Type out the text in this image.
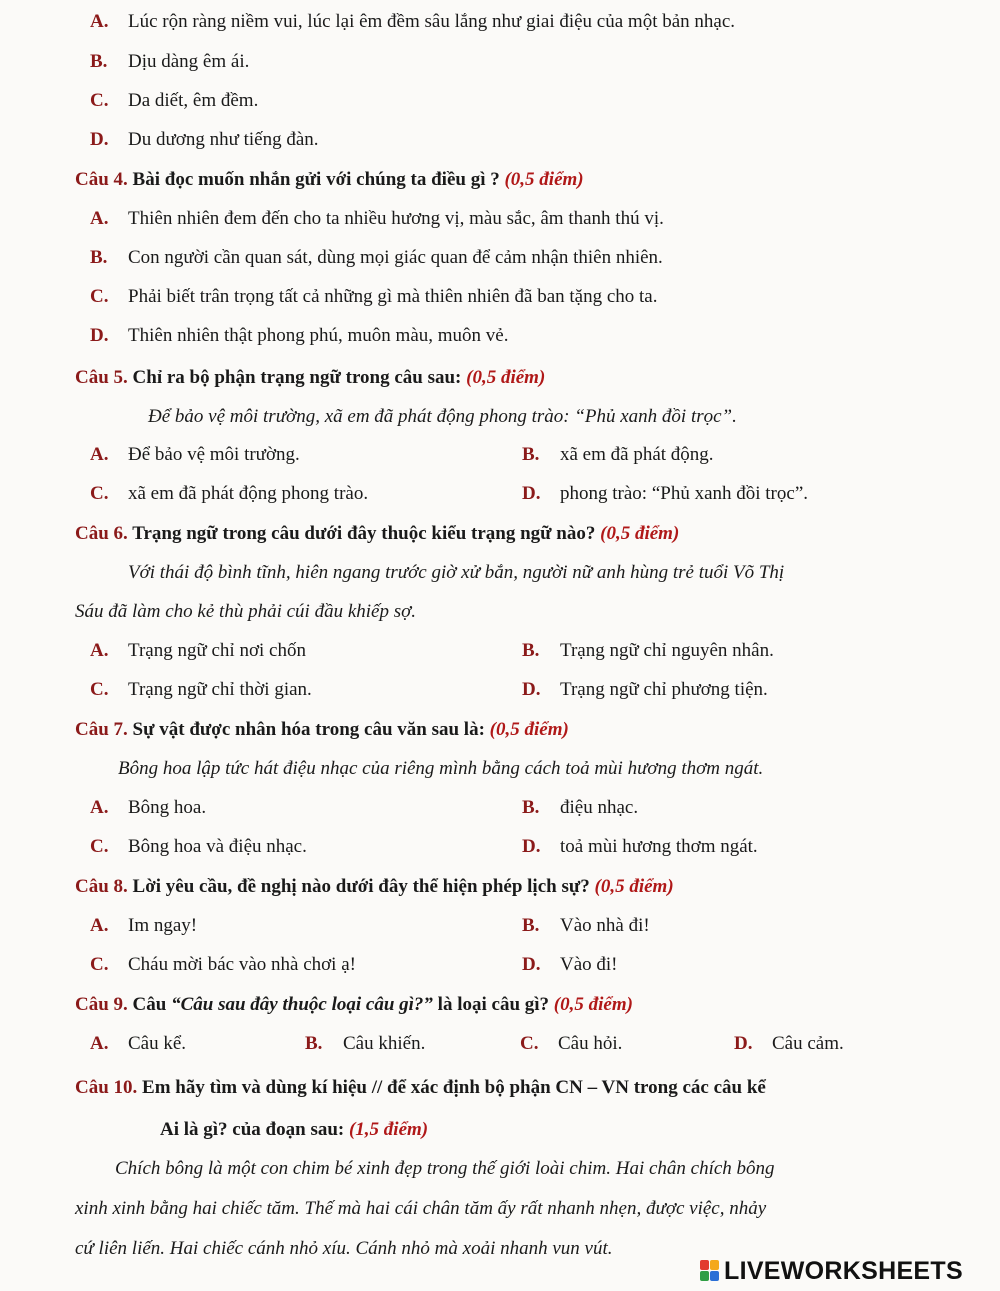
A. Lúc rộn ràng niềm vui, lúc lại êm đềm sâu lắng như giai điệu của một bản nhạc.
B. Dịu dàng êm ái.
C. Da diết, êm đềm.
D. Du dương như tiếng đàn.
Câu 4. Bài đọc muốn nhắn gửi với chúng ta điều gì ? (0,5 điểm)
A. Thiên nhiên đem đến cho ta nhiều hương vị, màu sắc, âm thanh thú vị.
B. Con người cần quan sát, dùng mọi giác quan để cảm nhận thiên nhiên.
C. Phải biết trân trọng tất cả những gì mà thiên nhiên đã ban tặng cho ta.
D. Thiên nhiên thật phong phú, muôn màu, muôn vẻ.
Câu 5. Chỉ ra bộ phận trạng ngữ trong câu sau: (0,5 điểm)
Để bảo vệ môi trường, xã em đã phát động phong trào: “Phủ xanh đồi trọc”.
A. Để bảo vệ môi trường.	B. xã em đã phát động.
C. xã em đã phát động phong trào.	D. phong trào: “Phủ xanh đồi trọc”.
Câu 6. Trạng ngữ trong câu dưới đây thuộc kiểu trạng ngữ nào? (0,5 điểm)
Với thái độ bình tĩnh, hiên ngang trước giờ xử bắn, người nữ anh hùng trẻ tuổi Võ Thị
Sáu đã làm cho kẻ thù phải cúi đầu khiếp sợ.
A. Trạng ngữ chỉ nơi chốn	B. Trạng ngữ chỉ nguyên nhân.
C. Trạng ngữ chỉ thời gian.	D. Trạng ngữ chỉ phương tiện.
Câu 7. Sự vật được nhân hóa trong câu văn sau là: (0,5 điểm)
Bông hoa lập tức hát điệu nhạc của riêng mình bằng cách toả mùi hương thơm ngát.
A. Bông hoa.	B. điệu nhạc.
C. Bông hoa và điệu nhạc.	D. toả mùi hương thơm ngát.
Câu 8. Lời yêu cầu, đề nghị nào dưới đây thể hiện phép lịch sự? (0,5 điểm)
A. Im ngay!	B. Vào nhà đi!
C. Cháu mời bác vào nhà chơi ạ!	D. Vào đi!
Câu 9. Câu “Câu sau đây thuộc loại câu gì?” là loại câu gì? (0,5 điểm)
A. Câu kể.	B. Câu khiến.	C. Câu hỏi.	D. Câu cảm.
Câu 10. Em hãy tìm và dùng kí hiệu // để xác định bộ phận CN – VN trong các câu kể
Ai là gì? của đoạn sau: (1,5 điểm)
Chích bông là một con chim bé xinh đẹp trong thế giới loài chim. Hai chân chích bông
xinh xinh bằng hai chiếc tăm. Thế mà hai cái chân tăm ấy rất nhanh nhẹn, được việc, nhảy
cứ liên liến. Hai chiếc cánh nhỏ xíu. Cánh nhỏ mà xoải nhanh vun vút.
LIVEWORKSHEETS
